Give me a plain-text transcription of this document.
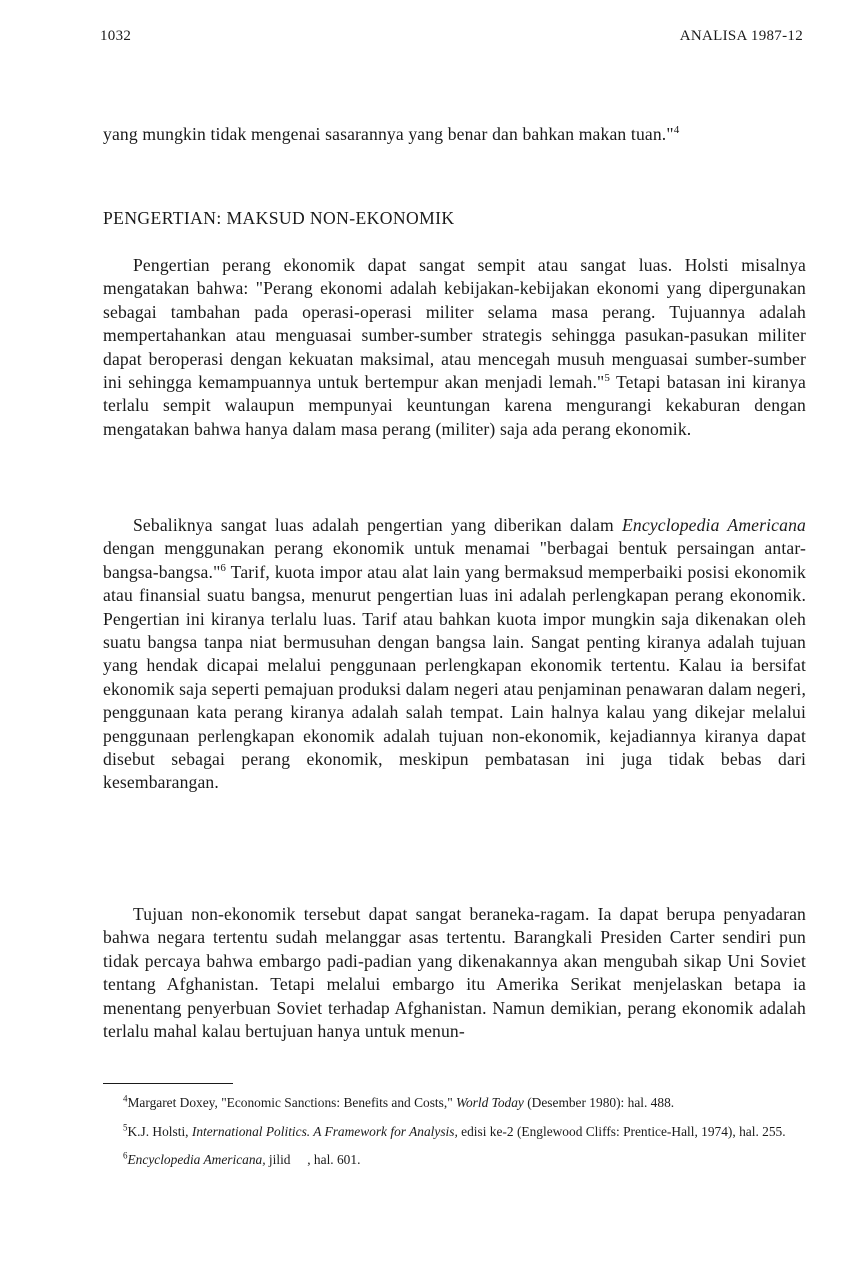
1032	ANALISA 1987-12

yang mungkin tidak mengenai sasarannya yang benar dan bahkan makan tuan."$^4$

PENGERTIAN: MAKSUD NON-EKONOMIK

Pengertian perang ekonomik dapat sangat sempit atau sangat luas. Holsti misalnya mengatakan bahwa: "Perang ekonomi adalah kebijakan-kebijakan ekonomi yang dipergunakan sebagai tambahan pada operasi-operasi militer selama masa perang. Tujuannya adalah mempertahankan atau menguasai sumber-sumber strategis sehingga pasukan-pasukan militer dapat beroperasi dengan kekuatan maksimal, atau mencegah musuh menguasai sumber-sumber ini sehingga kemampuannya untuk bertempur akan menjadi lemah."$^5$ Tetapi batasan ini kiranya terlalu sempit walaupun mempunyai keuntungan karena mengurangi kekaburan dengan mengatakan bahwa hanya dalam masa perang (militer) saja ada perang ekonomik.

Sebaliknya sangat luas adalah pengertian yang diberikan dalam Encyclopedia Americana dengan menggunakan perang ekonomik untuk menamai "berbagai bentuk persaingan antar-bangsa-bangsa."$^6$ Tarif, kuota impor atau alat lain yang bermaksud memperbaiki posisi ekonomik atau finansial suatu bangsa, menurut pengertian luas ini adalah perlengkapan perang ekonomik. Pengertian ini kiranya terlalu luas. Tarif atau bahkan kuota impor mungkin saja dikenakan oleh suatu bangsa tanpa niat bermusuhan dengan bangsa lain. Sangat penting kiranya adalah tujuan yang hendak dicapai melalui penggunaan perlengkapan ekonomik tertentu. Kalau ia bersifat ekonomik saja seperti pemajuan produksi dalam negeri atau penjaminan penawaran dalam negeri, penggunaan kata perang kiranya adalah salah tempat. Lain halnya kalau yang dikejar melalui penggunaan perlengkapan ekonomik adalah tujuan non-ekonomik, kejadiannya kiranya dapat disebut sebagai perang ekonomik, meskipun pembatasan ini juga tidak bebas dari kesembarangan.

Tujuan non-ekonomik tersebut dapat sangat beraneka-ragam. Ia dapat berupa penyadaran bahwa negara tertentu sudah melanggar asas tertentu. Barangkali Presiden Carter sendiri pun tidak percaya bahwa embargo padi-padian yang dikenakannya akan mengubah sikap Uni Soviet tentang Afghanistan. Tetapi melalui embargo itu Amerika Serikat menjelaskan betapa ia menentang penyerbuan Soviet terhadap Afghanistan. Namun demikian, perang ekonomik adalah terlalu mahal kalau bertujuan hanya untuk menun-

$^4$Margaret Doxey, "Economic Sanctions: Benefits and Costs," World Today (Desember 1980): hal. 488.

$^5$K.J. Holsti, International Politics. A Framework for Analysis, edisi ke-2 (Englewood Cliffs: Prentice-Hall, 1974), hal. 255.

$^6$Encyclopedia Americana, jilid     , hal. 601.
